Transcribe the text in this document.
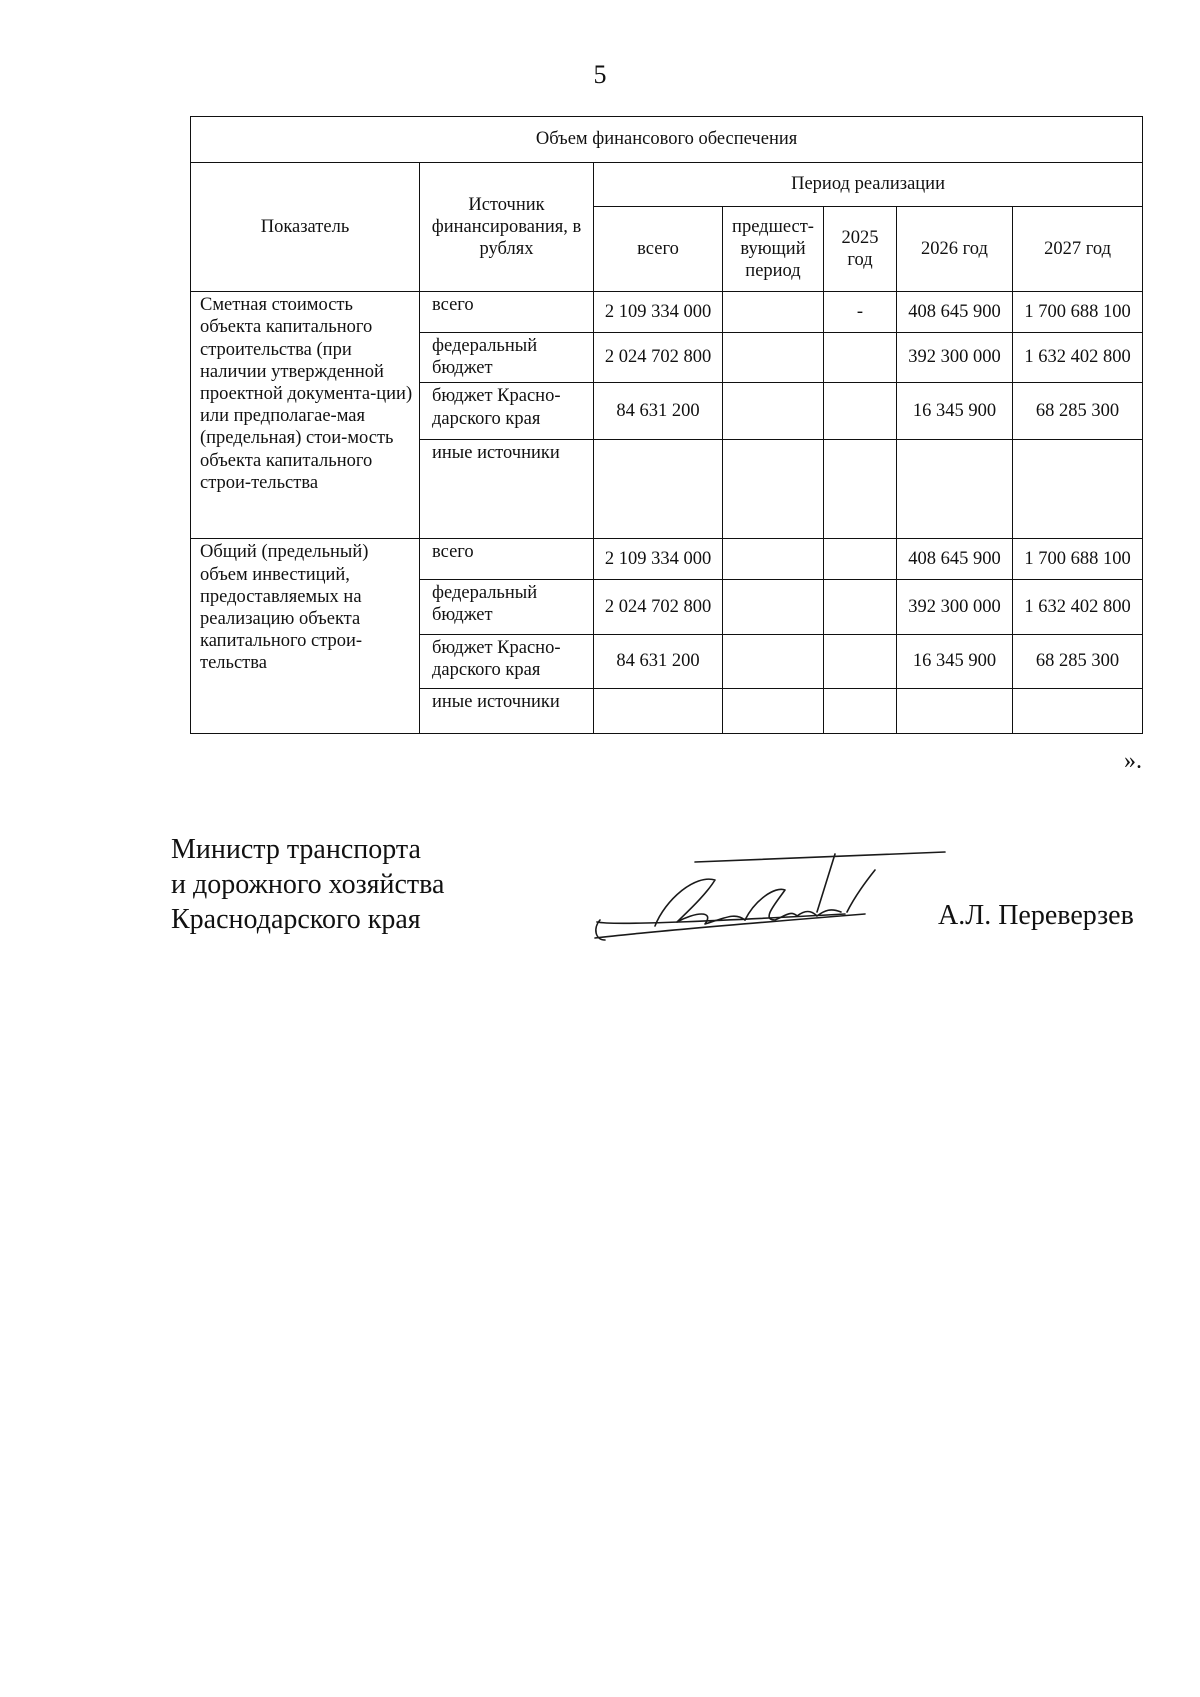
5
Объем финансового обеспечения						
Показатель	Источник финансирования, в рублях	Период реализации				
		всего	предшест-вующий период	2025 год	2026 год	2027 год
Сметная стоимость объекта капитального строительства (при наличии утвержденной проектной документа-ции) или предполагае-мая (предельная) стои-мость объекта капитального строи-тельства	всего	2 109 334 000		-	408 645 900	1 700 688 100
	федеральный бюджет	2 024 702 800			392 300 000	1 632 402 800
	бюджет Красно-дарского края	84 631 200			16 345 900	68 285 300
	иные источники					
Общий (предельный) объем инвестиций, предоставляемых на реализацию объекта капитального строи-тельства	всего	2 109 334 000			408 645 900	1 700 688 100
	федеральный бюджет	2 024 702 800			392 300 000	1 632 402 800
	бюджет Красно-дарского края	84 631 200			16 345 900	68 285 300
	иные источники					
».
Министр транспорта
и дорожного хозяйства
Краснодарского края	А.Л. Переверзев
